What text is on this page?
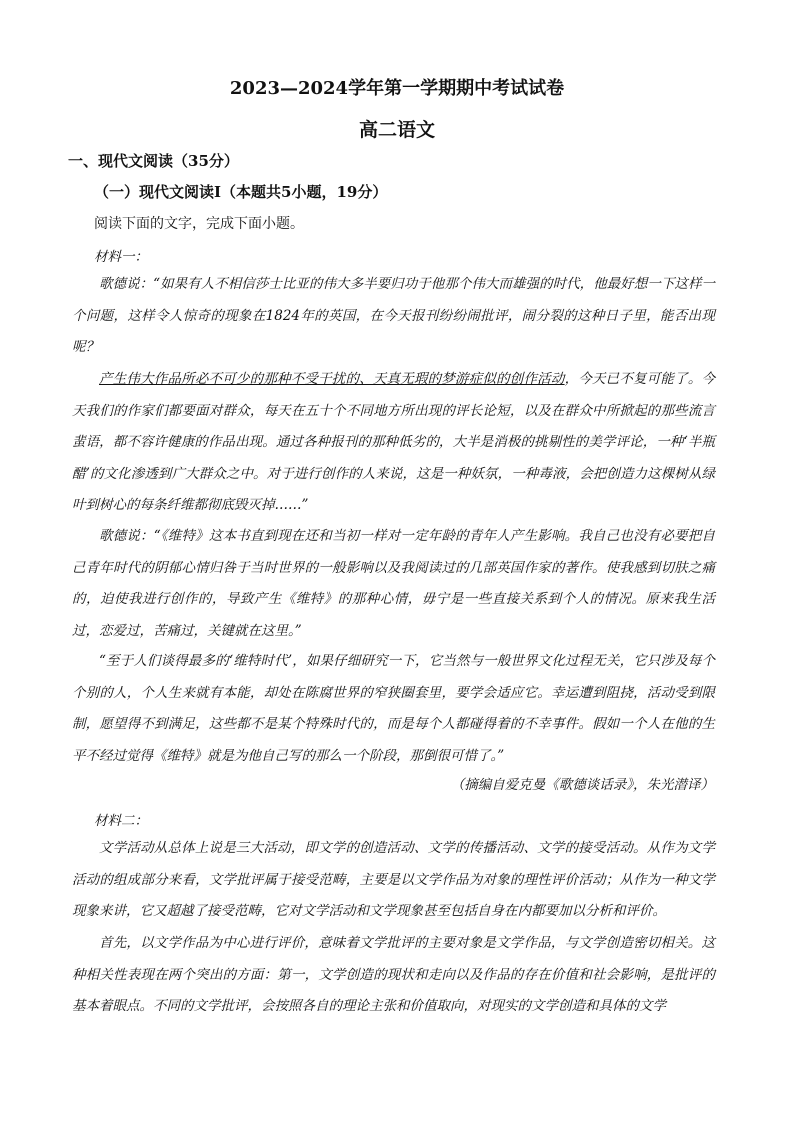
2023—2024学年第一学期期中考试试卷
高二语文
一、现代文阅读（35分）
（一）现代文阅读Ⅰ（本题共5小题，19分）
阅读下面的文字，完成下面小题。
材料一：

歌德说：“如果有人不相信莎士比亚的伟大多半要归功于他那个伟大而雄强的时代，他最好想一下这样一个问题，这样令人惊奇的现象在1824年的英国，在今天报刊纷纷闹批评，闹分裂的这种日子里，能否出现呢？

产生伟大作品所必不可少的那种不受干扰的、天真无瑕的梦游症似的创作活动，今天已不复可能了。今天我们的作家们都要面对群众，每天在五十个不同地方所出现的评长论短，以及在群众中所掀起的那些流言蜚语，都不容许健康的作品出现。通过各种报刊的那种低劣的，大半是消极的挑剔性的美学评论，一种‘半瓶醋’的文化渗透到广大群众之中。对于进行创作的人来说，这是一种妖氛，一种毒液，会把创造力这棵树从绿叶到树心的每条纤维都彻底毁灭掉……”

歌德说：“《维特》这本书直到现在还和当初一样对一定年龄的青年人产生影响。我自己也没有必要把自己青年时代的阴郁心情归咎于当时世界的一般影响以及我阅读过的几部英国作家的著作。使我感到切肤之痛的，迫使我进行创作的，导致产生《维特》的那种心情，毋宁是一些直接关系到个人的情况。原来我生活过，恋爱过，苦痛过，关键就在这里。”

“至于人们谈得最多的‘维特时代’，如果仔细研究一下，它当然与一般世界文化过程无关，它只涉及每个个别的人，个人生来就有本能，却处在陈腐世界的窄狭圈套里，要学会适应它。幸运遭到阻挠，活动受到限制，愿望得不到满足，这些都不是某个特殊时代的，而是每个人都碰得着的不幸事件。假如一个人在他的生平不经过觉得《维特》就是为他自己写的那么一个阶段，那倒很可惜了。”

（摘编自爱克曼《歌德谈话录》，朱光潜译）
材料二：

文学活动从总体上说是三大活动，即文学的创造活动、文学的传播活动、文学的接受活动。从作为文学活动的组成部分来看，文学批评属于接受范畴，主要是以文学作品为对象的理性评价活动；从作为一种文学现象来讲，它又超越了接受范畴，它对文学活动和文学现象甚至包括自身在内都要加以分析和评价。

首先，以文学作品为中心进行评价，意味着文学批评的主要对象是文学作品，与文学创造密切相关。这种相关性表现在两个突出的方面：第一，文学创造的现状和走向以及作品的存在价值和社会影响，是批评的基本着眼点。不同的文学批评，会按照各自的理论主张和价值取向，对现实的文学创造和具体的文学
